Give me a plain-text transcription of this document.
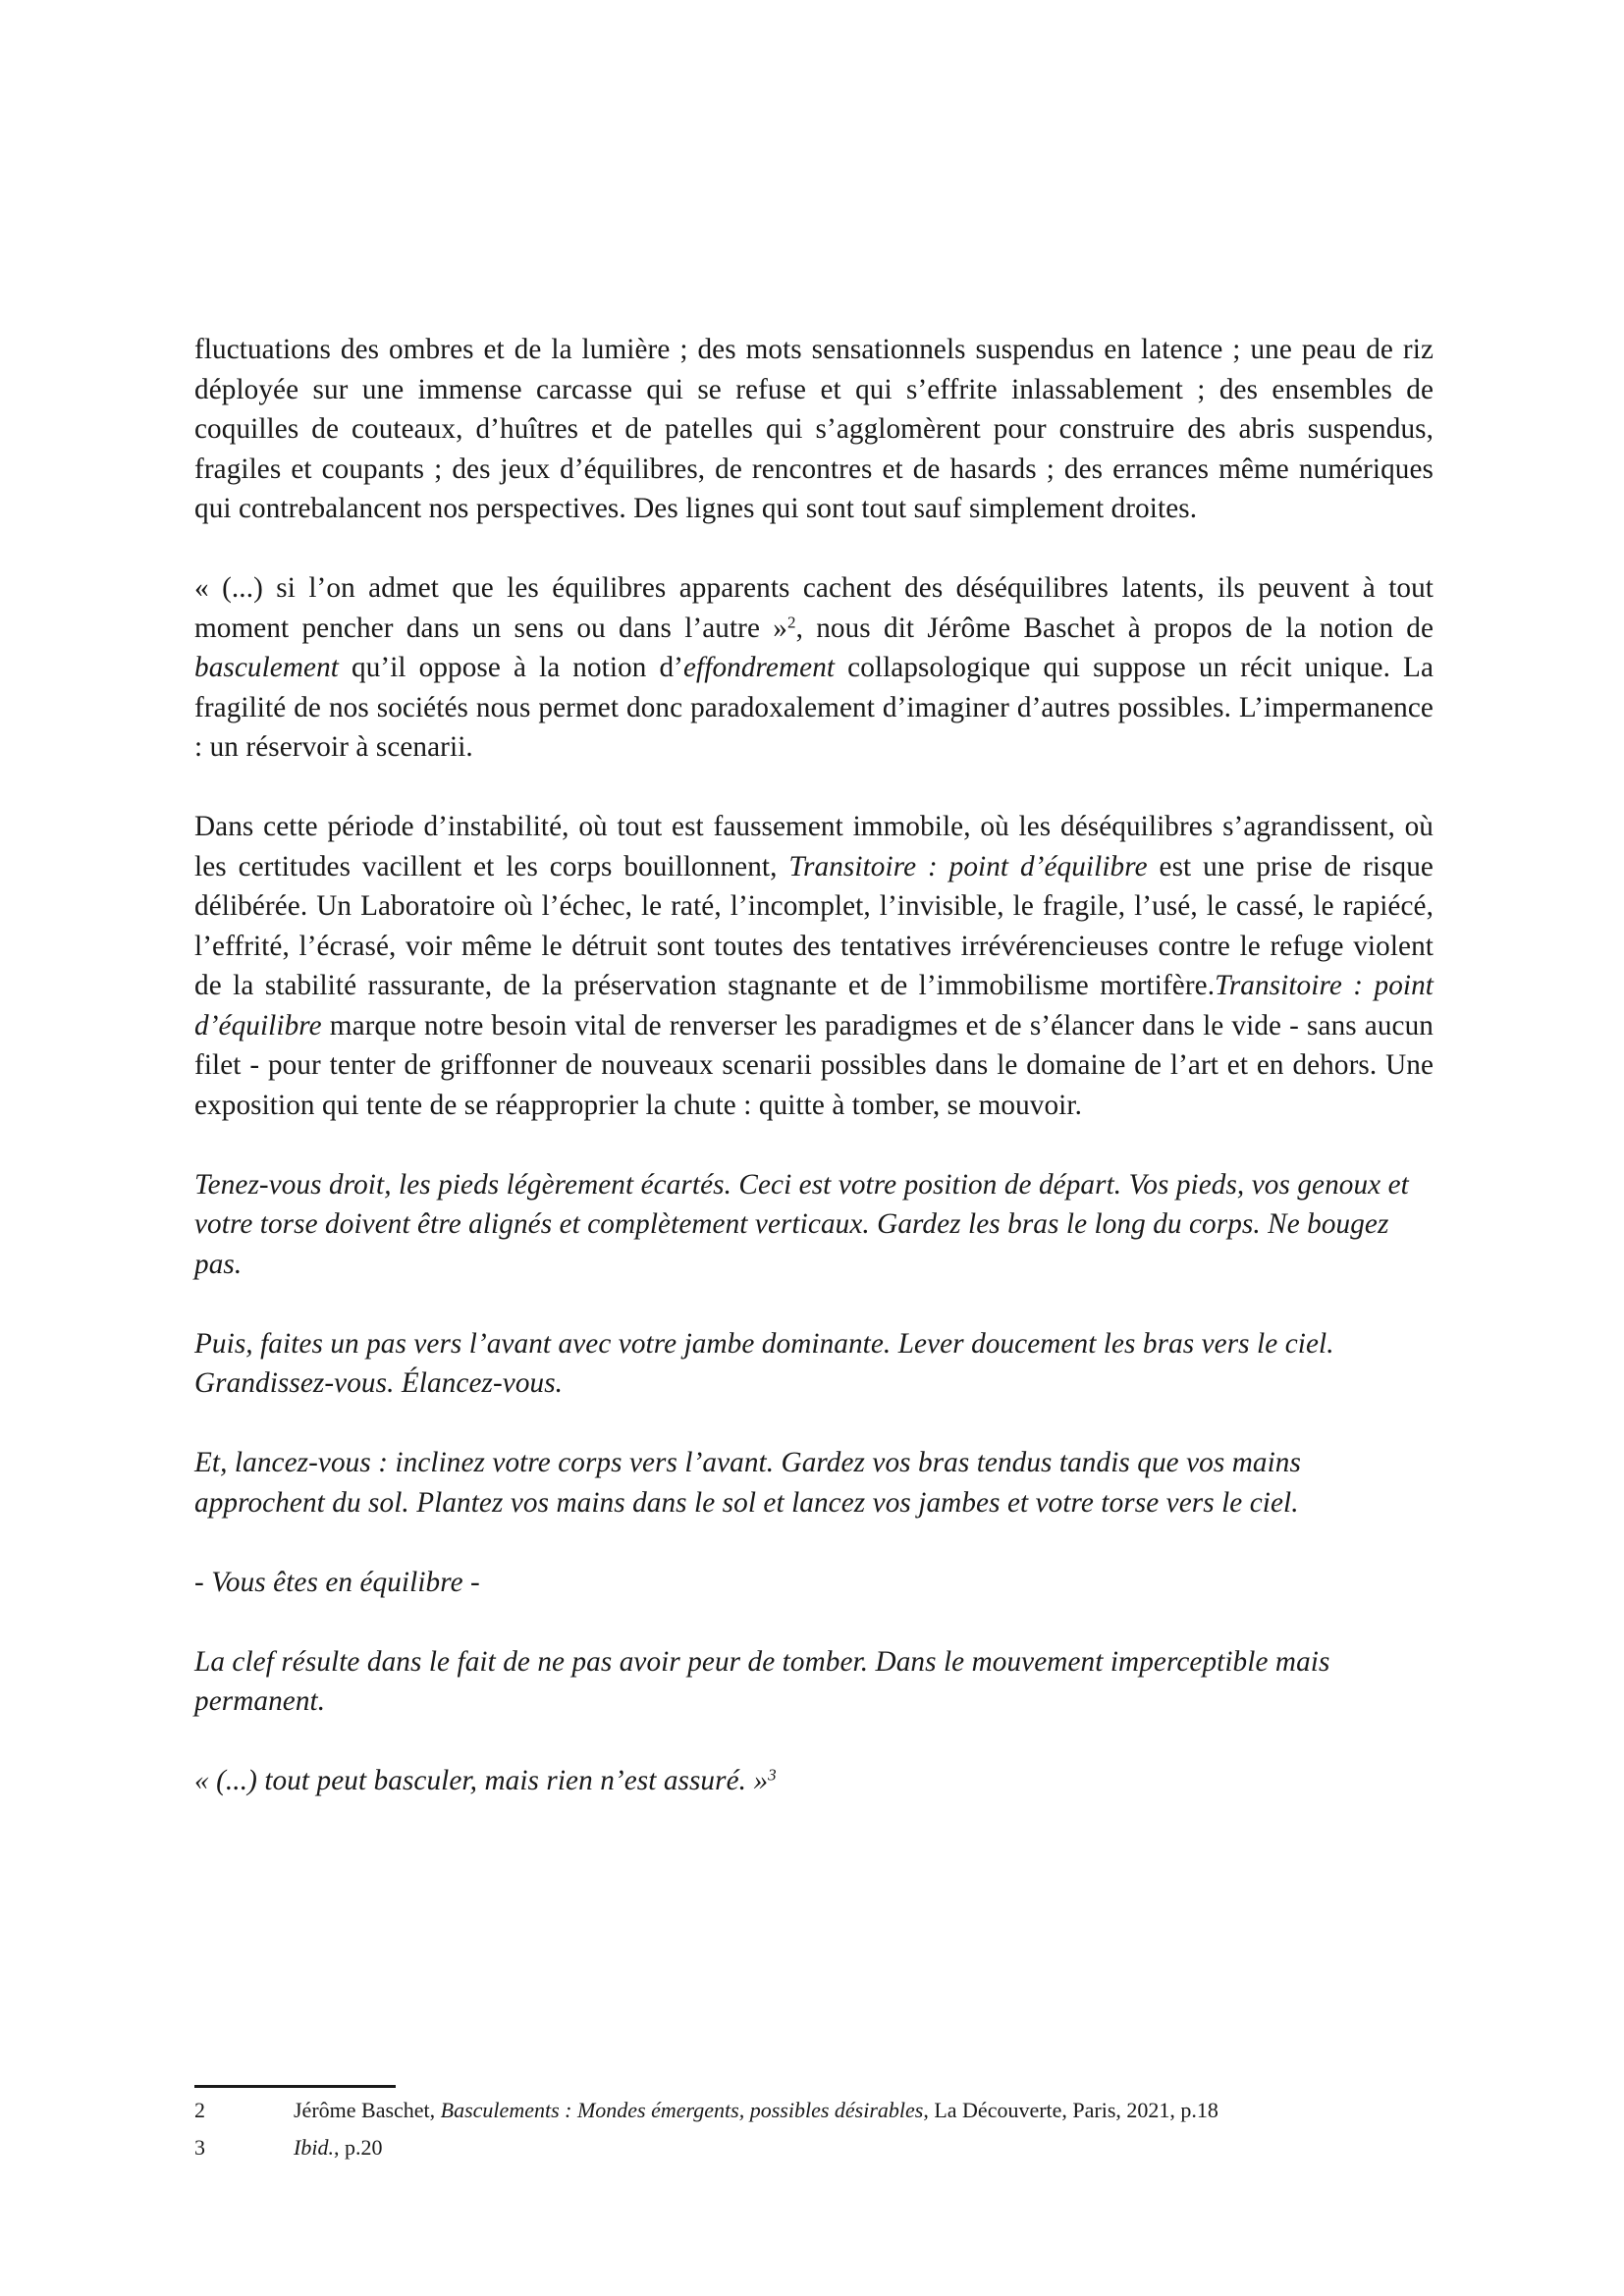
fluctuations des ombres et de la lumière ; des mots sensationnels suspendus en latence ; une peau de riz déployée sur une immense carcasse qui se refuse et qui s’effrite inlassablement ; des ensembles de coquilles de couteaux, d’huîtres et de patelles qui s’agglomèrent pour construire des abris suspendus, fragiles et coupants ; des jeux d’équilibres, de rencontres et de hasards ; des errances même numériques qui contrebalancent nos perspectives. Des lignes qui sont tout sauf simplement droites.

« (...) si l’on admet que les équilibres apparents cachent des déséquilibres latents, ils peuvent à tout moment pencher dans un sens ou dans l’autre »$^2$, nous dit Jérôme Baschet à propos de la notion de basculement qu’il oppose à la notion d’effondrement collapsologique qui suppose un récit unique. La fragilité de nos sociétés nous permet donc paradoxalement d’imaginer d’autres possibles. L’impermanence : un réservoir à scenarii.

Dans cette période d’instabilité, où tout est faussement immobile, où les déséquilibres s’agrandissent, où les certitudes vacillent et les corps bouillonnent, Transitoire : point d’équilibre est une prise de risque délibérée. Un Laboratoire où l’échec, le raté, l’incomplet, l’invisible, le fragile, l’usé, le cassé, le rapiécé, l’effrité, l’écrasé, voir même le détruit sont toutes des tentatives irrévérencieuses contre le refuge violent de la stabilité rassurante, de la préservation stagnante et de l’immobilisme mortifère.Transitoire : point d’équilibre marque notre besoin vital de renverser les paradigmes et de s’élancer dans le vide - sans aucun filet - pour tenter de griffonner de nouveaux scenarii possibles dans le domaine de l’art et en dehors. Une exposition qui tente de se réapproprier la chute : quitte à tomber, se mouvoir.

Tenez-vous droit, les pieds légèrement écartés. Ceci est votre position de départ. Vos pieds, vos genoux et votre torse doivent être alignés et complètement verticaux. Gardez les bras le long du corps. Ne bougez pas.

Puis, faites un pas vers l’avant avec votre jambe dominante. Lever doucement les bras vers le ciel. Grandissez-vous. Élancez-vous.

Et, lancez-vous : inclinez votre corps vers l’avant. Gardez vos bras tendus tandis que vos mains approchent du sol. Plantez vos mains dans le sol et lancez vos jambes et votre torse vers le ciel.

- Vous êtes en équilibre -

La clef résulte dans le fait de ne pas avoir peur de tomber. Dans le mouvement imperceptible mais permanent.

« (...) tout peut basculer, mais rien n’est assuré. »$^3$

2	Jérôme Baschet, Basculements : Mondes émergents, possibles désirables, La Découverte, Paris, 2021, p.18
3	Ibid., p.20
